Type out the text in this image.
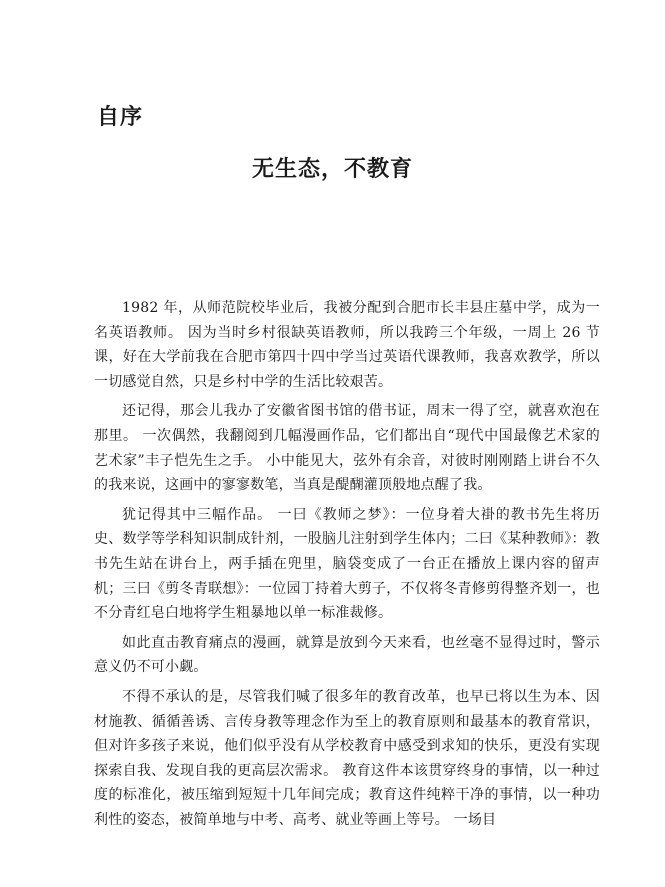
自序
无生态，不教育

1982 年，从师范院校毕业后，我被分配到合肥市长丰县庄墓中学，成为一名英语教师。 因为当时乡村很缺英语教师，所以我跨三个年级，一周上 26 节课，好在大学前我在合肥市第四十四中学当过英语代课教师，我喜欢教学，所以一切感觉自然，只是乡村中学的生活比较艰苦。

还记得，那会儿我办了安徽省图书馆的借书证，周末一得了空，就喜欢泡在那里。 一次偶然，我翻阅到几幅漫画作品，它们都出自“现代中国最像艺术家的艺术家”丰子恺先生之手。 小中能见大，弦外有余音，对彼时刚刚踏上讲台不久的我来说，这画中的寥寥数笔，当真是醍醐灌顶般地点醒了我。

犹记得其中三幅作品。 一曰《教师之梦》：一位身着大褂的教书先生将历史、数学等学科知识制成针剂，一股脑儿注射到学生体内；二曰《某种教师》：教书先生站在讲台上，两手插在兜里，脑袋变成了一台正在播放上课内容的留声机；三曰《剪冬青联想》：一位园丁持着大剪子，不仅将冬青修剪得整齐划一，也不分青红皂白地将学生粗暴地以单一标准裁修。

如此直击教育痛点的漫画，就算是放到今天来看，也丝毫不显得过时，警示意义仍不可小觑。

不得不承认的是，尽管我们喊了很多年的教育改革，也早已将以生为本、因材施教、循循善诱、言传身教等理念作为至上的教育原则和最基本的教育常识，但对许多孩子来说，他们似乎没有从学校教育中感受到求知的快乐，更没有实现探索自我、发现自我的更高层次需求。 教育这件本该贯穿终身的事情，以一种过度的标准化，被压缩到短短十几年间完成；教育这件纯粹干净的事情，以一种功利性的姿态，被简单地与中考、高考、就业等画上等号。 一场目
